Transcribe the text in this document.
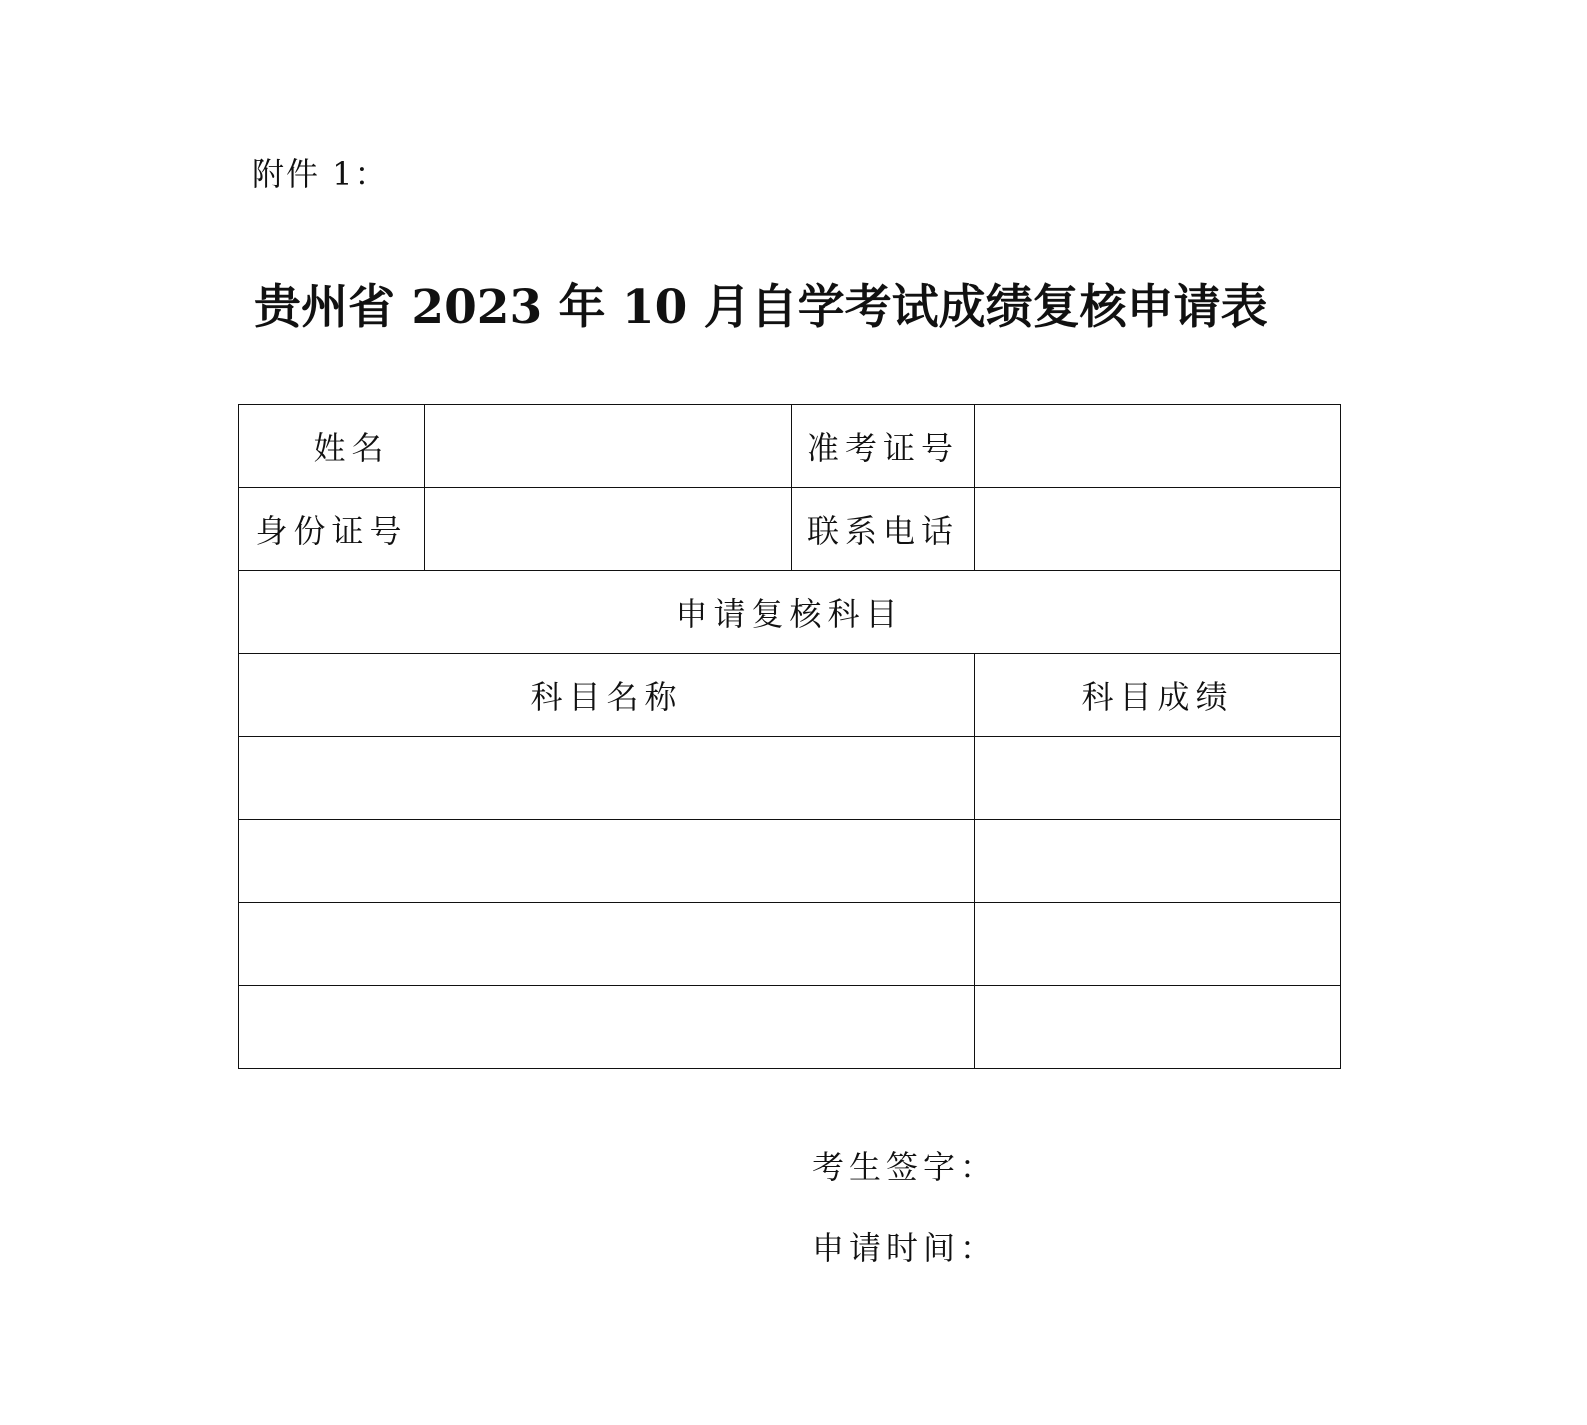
附件 1：
贵州省 2023 年 10 月自学考试成绩复核申请表
姓名		准考证号	
身份证号		联系电话	
申请复核科目			
科目名称			科目成绩

考生签字：
申请时间：
